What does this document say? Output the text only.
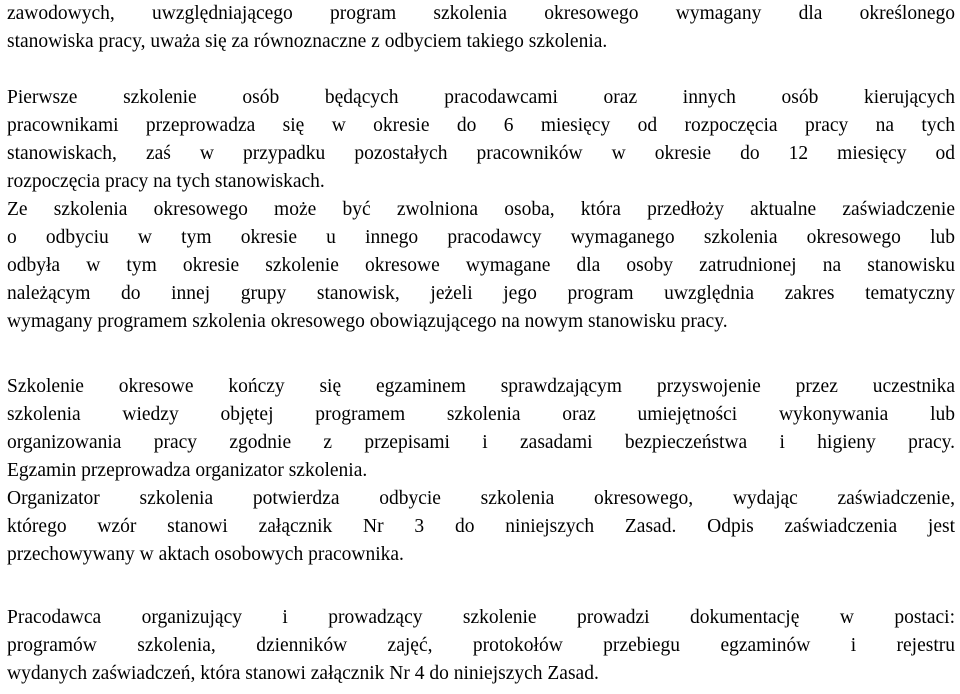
zawodowych, uwzględniającego program szkolenia okresowego wymagany dla określonego
stanowiska pracy, uważa się za równoznaczne z odbyciem takiego szkolenia.
Pierwsze szkolenie osób będących pracodawcami oraz innych osób kierujących
pracownikami przeprowadza się w okresie do 6 miesięcy od rozpoczęcia pracy na tych
stanowiskach, zaś w przypadku pozostałych pracowników w okresie do 12 miesięcy od
rozpoczęcia pracy na tych stanowiskach.
Ze szkolenia okresowego może być zwolniona osoba, która przedłoży aktualne zaświadczenie
o odbyciu w tym okresie u innego pracodawcy wymaganego szkolenia okresowego lub
odbyła w tym okresie szkolenie okresowe wymagane dla osoby zatrudnionej na stanowisku
należącym do innej grupy stanowisk, jeżeli jego program uwzględnia zakres tematyczny
wymagany programem szkolenia okresowego obowiązującego na nowym stanowisku pracy.
Szkolenie okresowe kończy się egzaminem sprawdzającym przyswojenie przez uczestnika
szkolenia wiedzy objętej programem szkolenia oraz umiejętności wykonywania lub
organizowania pracy zgodnie z przepisami i zasadami bezpieczeństwa i higieny pracy.
Egzamin przeprowadza organizator szkolenia.
Organizator szkolenia potwierdza odbycie szkolenia okresowego, wydając zaświadczenie,
którego wzór stanowi załącznik Nr 3 do niniejszych Zasad. Odpis zaświadczenia jest
przechowywany w aktach osobowych pracownika.
Pracodawca organizujący i prowadzący szkolenie prowadzi dokumentację w postaci:
programów szkolenia, dzienników zajęć, protokołów przebiegu egzaminów i rejestru
wydanych zaświadczeń, która stanowi załącznik Nr 4 do niniejszych Zasad.
